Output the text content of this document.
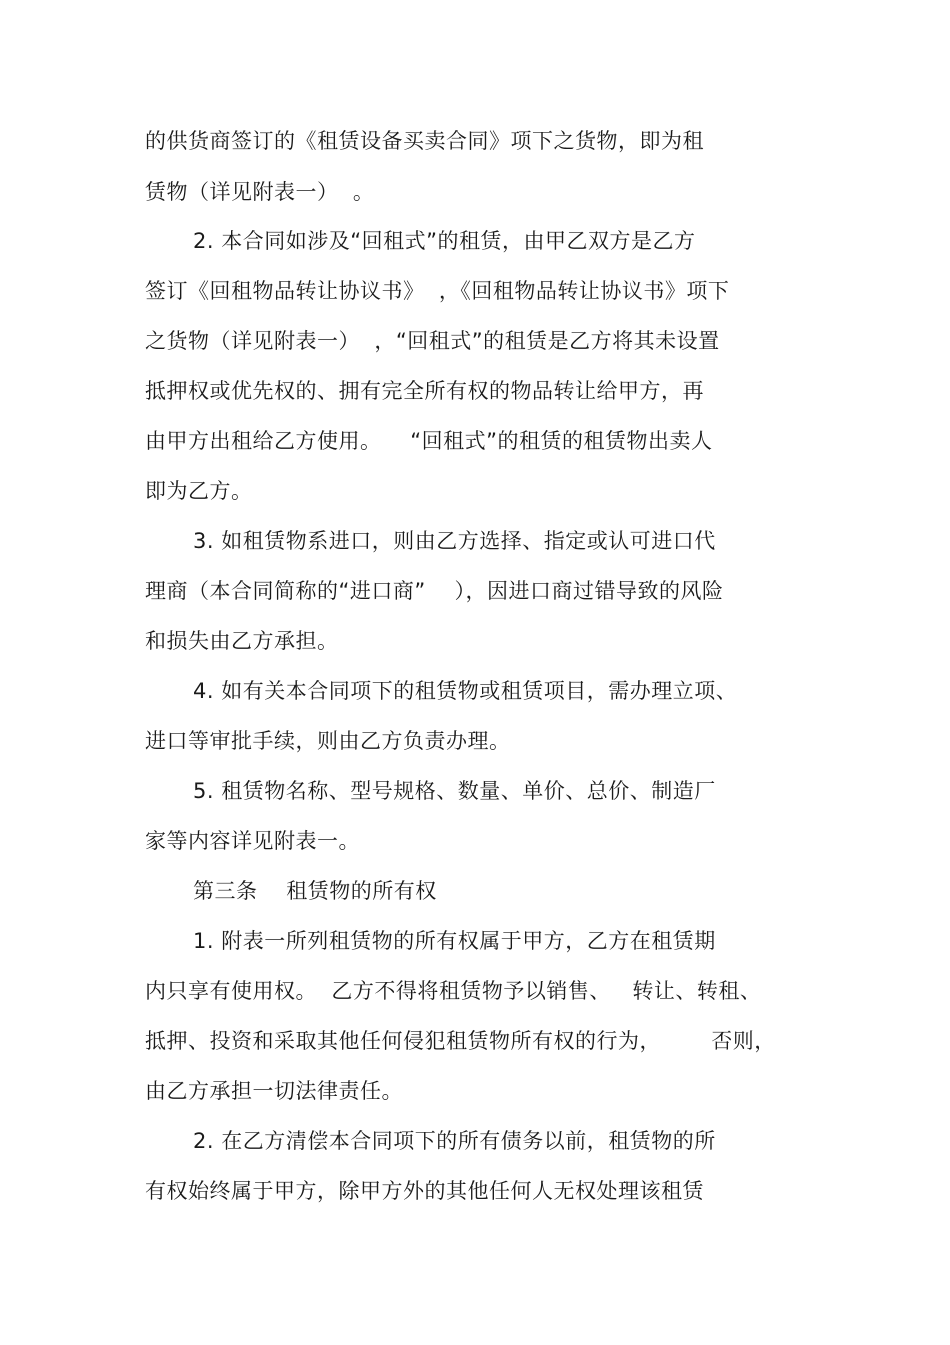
的供货商签订的《租赁设备买卖合同》项下之货物，即为租
赁物（详见附表一）  。
2. 本合同如涉及“回租式”的租赁，由甲乙双方是乙方
签订《回租物品转让协议书》  ，《回租物品转让协议书》项下
之货物（详见附表一）  ，“回租式”的租赁是乙方将其未设置
抵押权或优先权的、拥有完全所有权的物品转让给甲方，再
由甲方出租给乙方使用。    “回租式”的租赁的租赁物出卖人
即为乙方。
3. 如租赁物系进口，则由乙方选择、指定或认可进口代
理商（本合同简称的“进口商”    ），因进口商过错导致的风险
和损失由乙方承担。
4. 如有关本合同项下的租赁物或租赁项目，需办理立项、
进口等审批手续，则由乙方负责办理。
5. 租赁物名称、型号规格、数量、单价、总价、制造厂
家等内容详见附表一。
第三条    租赁物的所有权
1. 附表一所列租赁物的所有权属于甲方，乙方在租赁期
内只享有使用权。  乙方不得将租赁物予以销售、   转让、转租、
抵押、投资和采取其他任何侵犯租赁物所有权的行为，       否则，
由乙方承担一切法律责任。
2. 在乙方清偿本合同项下的所有债务以前，租赁物的所
有权始终属于甲方，除甲方外的其他任何人无权处理该租赁
